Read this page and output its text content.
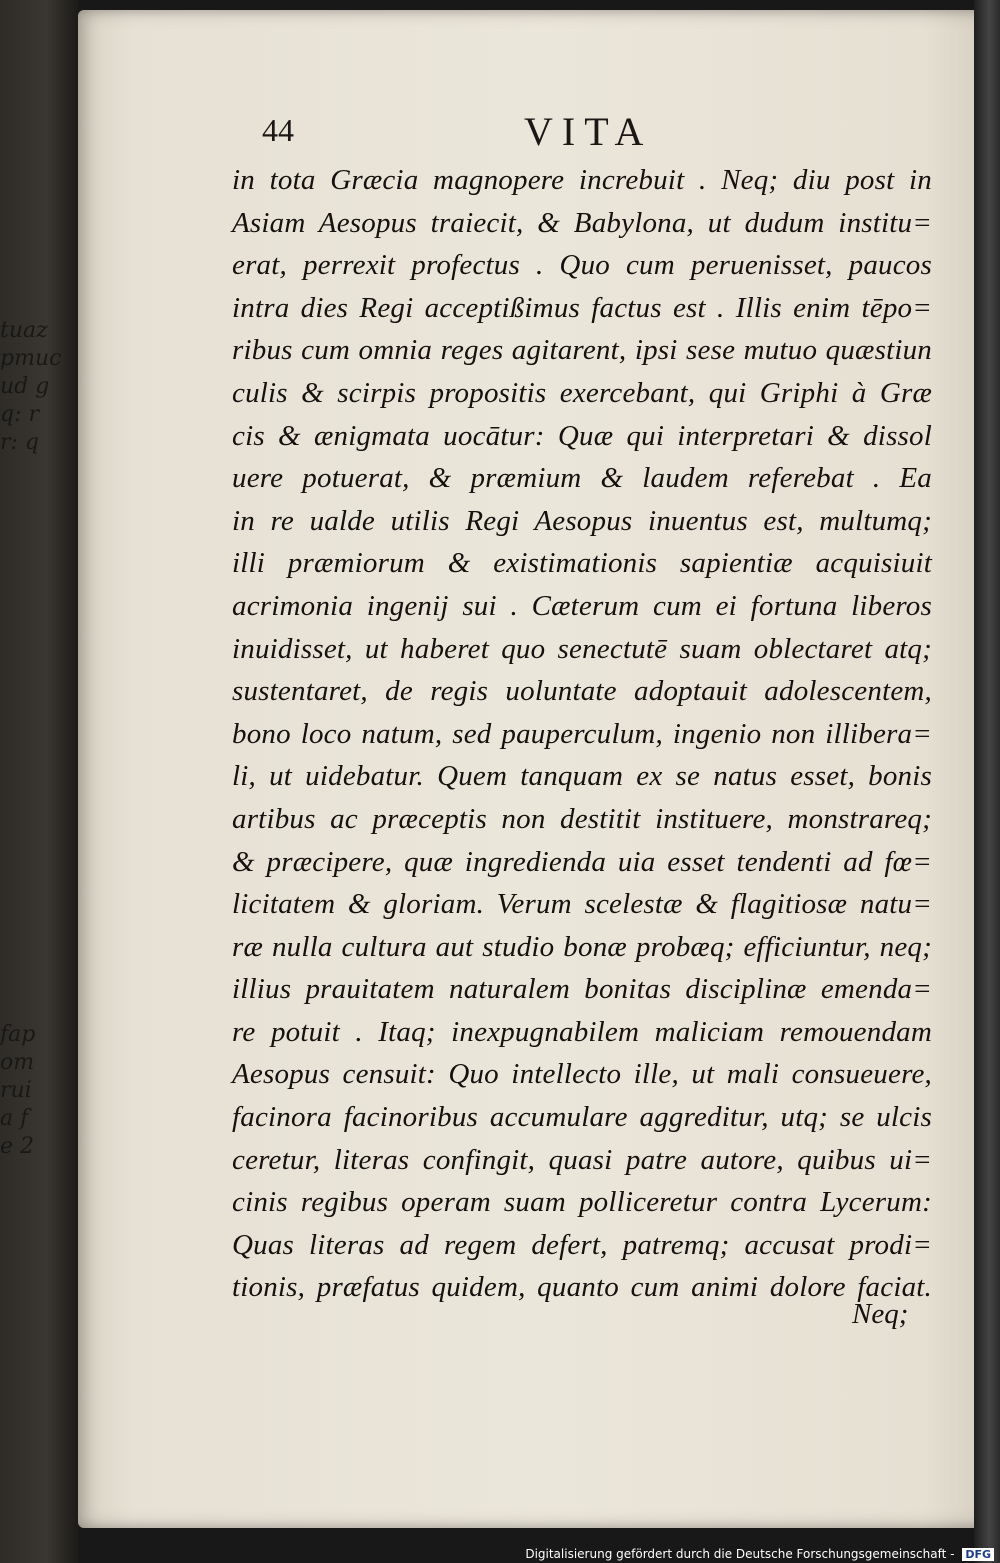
tuaz
pmuc
ud g
q: r
r: q
fap
om
rui
a f
e 2
44	VITA
in tota Græcia magnopere increbuit . Neq; diu post in
Asiam Aesopus traiecit, & Babylona, ut dudum institu=
erat, perrexit profectus . Quo cum peruenisset, paucos
intra dies Regi acceptißimus factus est . Illis enim tēpo=
ribus cum omnia reges agitarent, ipsi sese mutuo quæstiun
culis & scirpis propositis exercebant, qui Griphi à Græ
cis & ænigmata uocātur: Quæ qui interpretari & dissol
uere potuerat, & præmium & laudem referebat . Ea
in re ualde utilis Regi Aesopus inuentus est, multumq;
illi præmiorum & existimationis sapientiæ acquisiuit
acrimonia ingenij sui . Cæterum cum ei fortuna liberos
inuidisset, ut haberet quo senectutē suam oblectaret atq;
sustentaret, de regis uoluntate adoptauit adolescentem,
bono loco natum, sed pauperculum, ingenio non illibera=
li, ut uidebatur. Quem tanquam ex se natus esset, bonis
artibus ac præceptis non destitit instituere, monstrareq;
& præcipere, quæ ingredienda uia esset tendenti ad fœ=
licitatem & gloriam. Verum scelestæ & flagitiosæ natu=
ræ nulla cultura aut studio bonæ probæq; efficiuntur, neq;
illius prauitatem naturalem bonitas disciplinæ emenda=
re potuit . Itaq; inexpugnabilem maliciam remouendam
Aesopus censuit: Quo intellecto ille, ut mali consueuere,
facinora facinoribus accumulare aggreditur, utq; se ulcis
ceretur, literas confingit, quasi patre autore, quibus ui=
cinis regibus operam suam polliceretur contra Lycerum:
Quas literas ad regem defert, patremq; accusat prodi=
tionis, præfatus quidem, quanto cum animi dolore faciat.
Neq;
Digitalisierung gefördert durch die Deutsche Forschungsgemeinschaft - DFG
